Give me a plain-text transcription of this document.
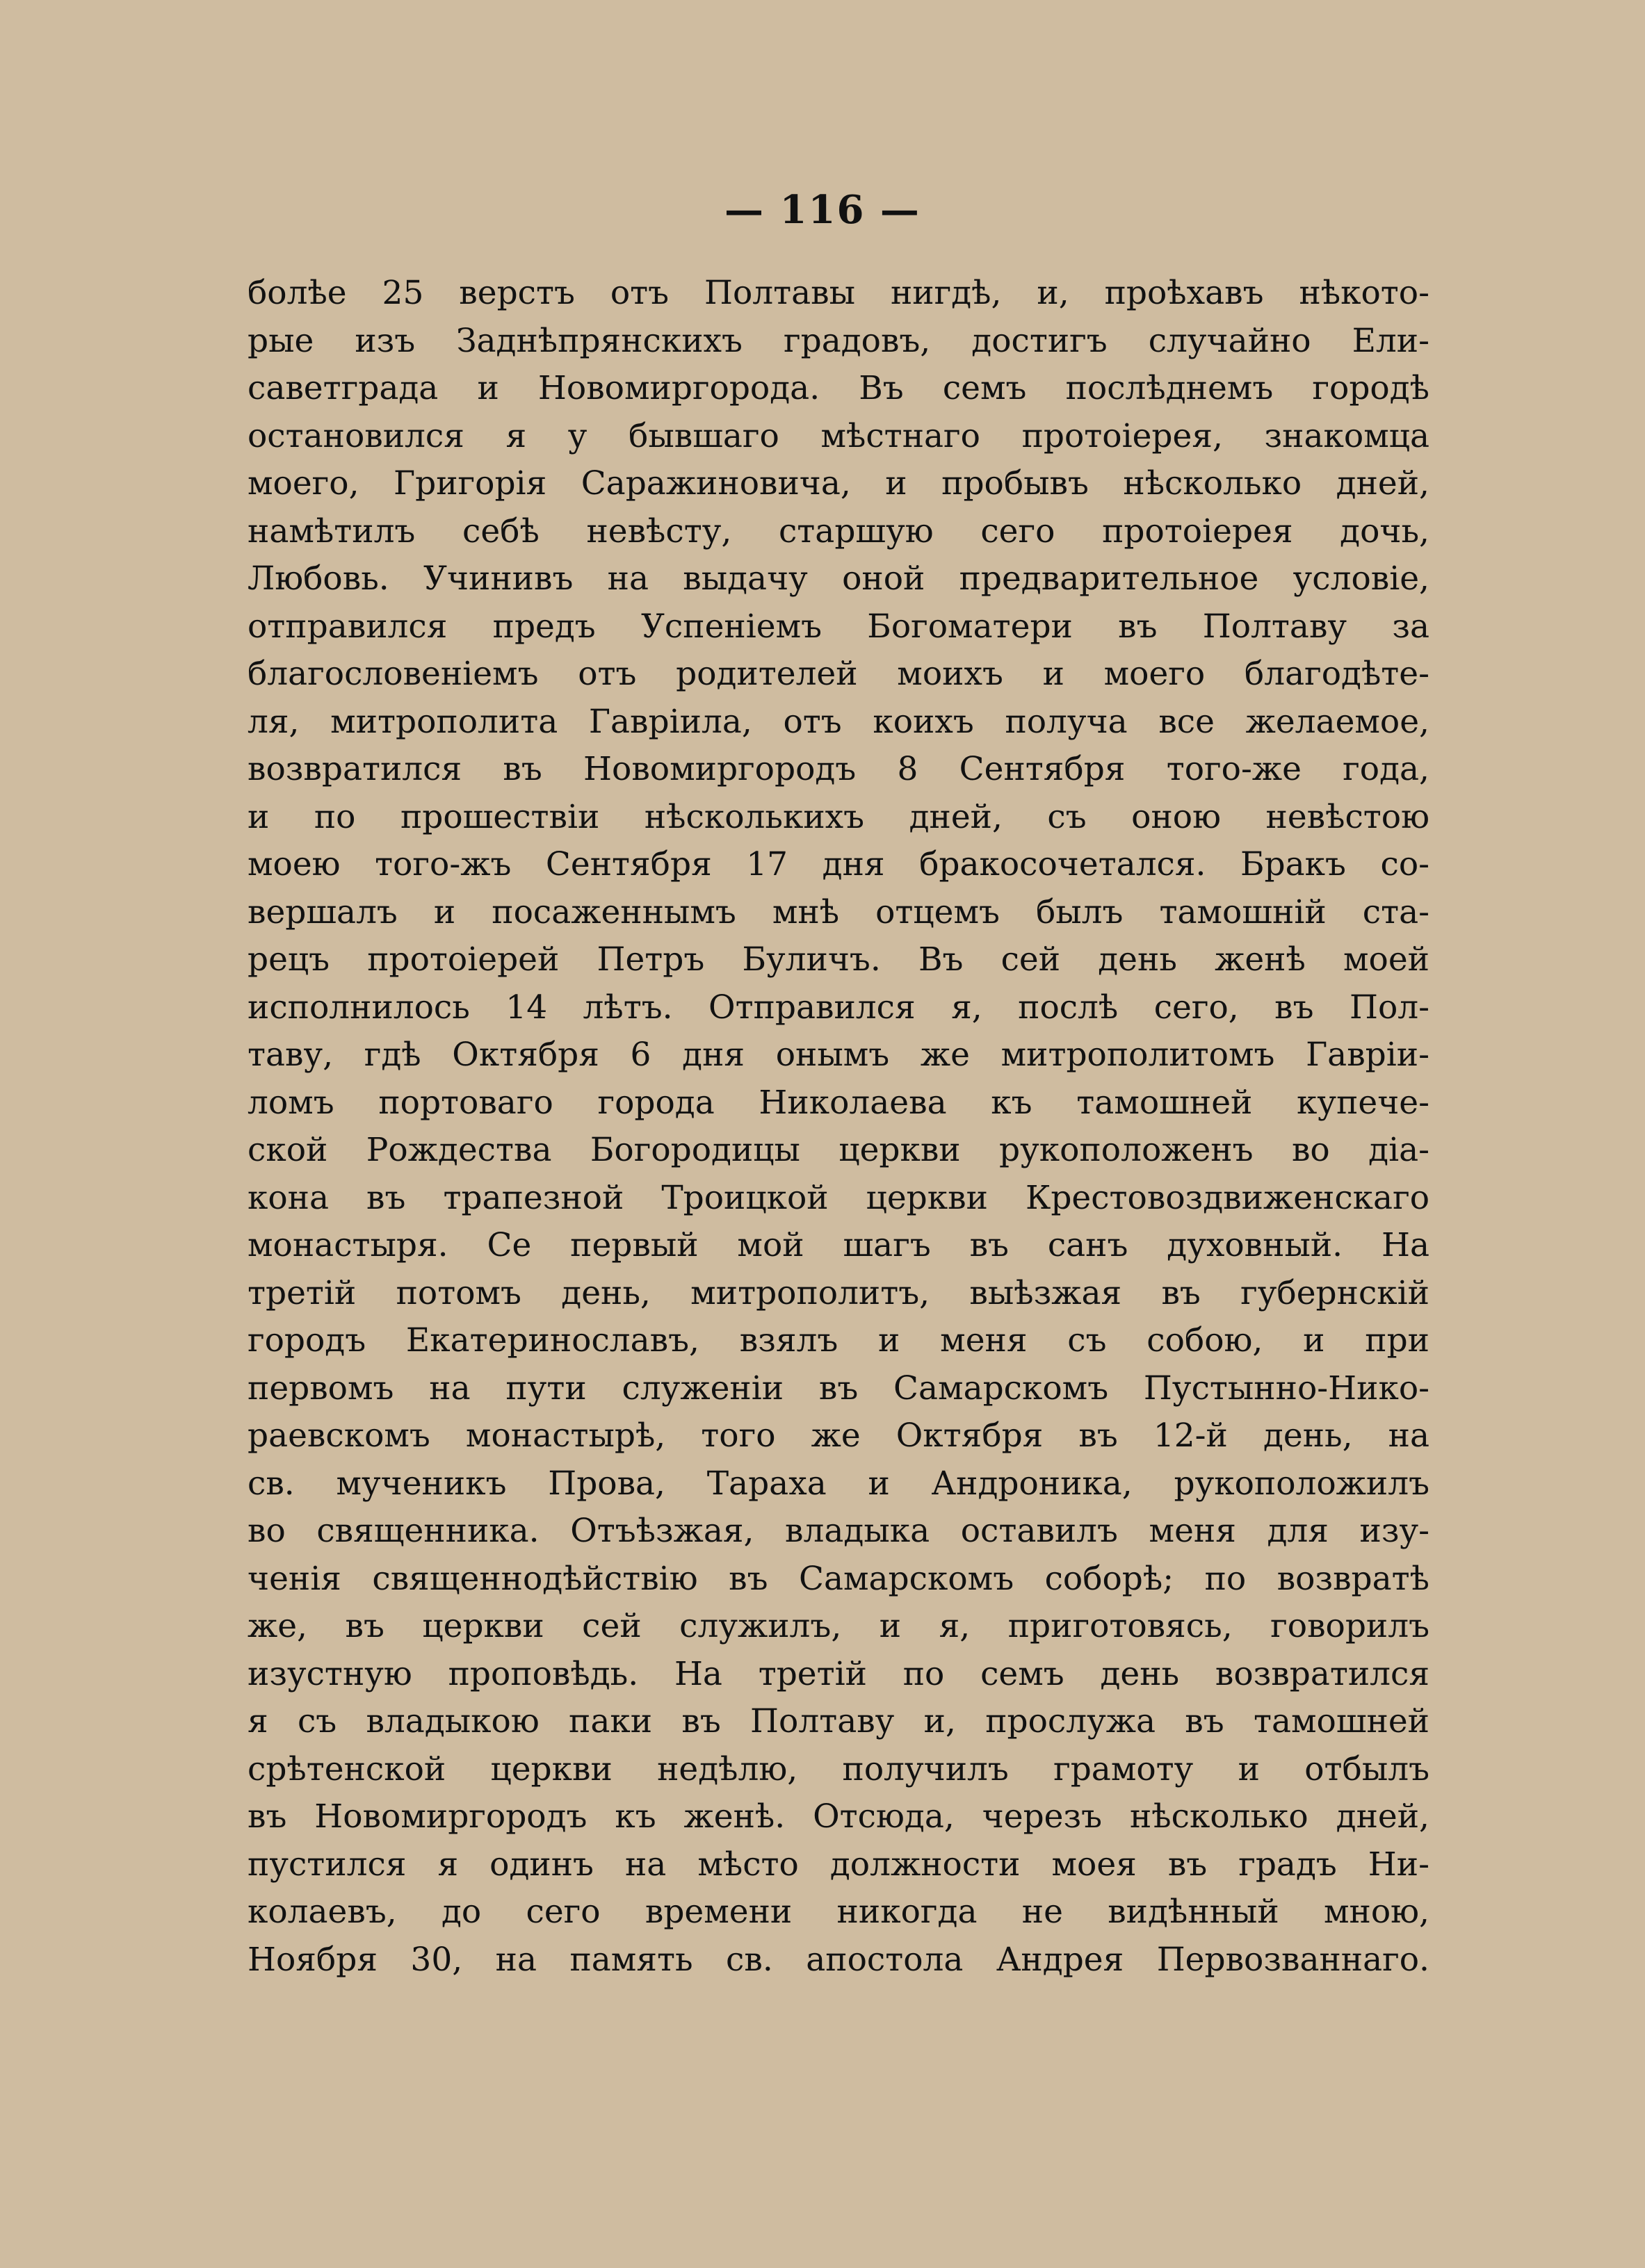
— 116 —
болѣе 25 верстъ отъ Полтавы нигдѣ, и, проѣхавъ нѣкото-
рые изъ Заднѣпрянскихъ градовъ, достигъ случайно Ели-
саветграда и Новомиргорода. Въ семъ послѣднемъ городѣ
остановился я у бывшаго мѣстнаго протоіерея, знакомца
моего, Григорія Саражиновича, и пробывъ нѣсколько дней,
намѣтилъ себѣ невѣсту, старшую сего протоіерея дочь,
Любовь. Учинивъ на выдачу оной предварительное условіе,
отправился предъ Успеніемъ Богоматери въ Полтаву за
благословеніемъ отъ родителей моихъ и моего благодѣте-
ля, митрополита Гавріила, отъ коихъ получа все желаемое,
возвратился въ Новомиргородъ 8 Сентября того-же года,
и по прошествіи нѣсколькихъ дней, съ оною невѣстою
моею того-жъ Сентября 17 дня бракосочетался. Бракъ со-
вершалъ и посаженнымъ мнѣ отцемъ былъ тамошній ста-
рецъ протоіерей Петръ Буличъ. Въ сей день женѣ моей
исполнилось 14 лѣтъ. Отправился я, послѣ сего, въ Пол-
таву, гдѣ Октября 6 дня онымъ же митрополитомъ Гавріи-
ломъ портоваго города Николаева къ тамошней купече-
ской Рождества Богородицы церкви рукоположенъ во діа-
кона въ трапезной Троицкой церкви Крестовоздвиженскаго
монастыря. Се первый мой шагъ въ санъ духовный. На
третій потомъ день, митрополитъ, выѣзжая въ губернскій
городъ Екатеринославъ, взялъ и меня съ собою, и при
первомъ на пути служеніи въ Самарскомъ Пустынно-Нико-
раевскомъ монастырѣ, того же Октября въ 12-й день, на
св. мученикъ Прова, Тараха и Андроника, рукоположилъ
во священника. Отъѣзжая, владыка оставилъ меня для изу-
ченія священнодѣйствію въ Самарскомъ соборѣ; по возвратѣ
же, въ церкви сей служилъ, и я, приготовясь, говорилъ
изустную проповѣдь. На третій по семъ день возвратился
я съ владыкою паки въ Полтаву и, прослужа въ тамошней
срѣтенской церкви недѣлю, получилъ грамоту и отбылъ
въ Новомиргородъ къ женѣ. Отсюда, черезъ нѣсколько дней,
пустился я одинъ на мѣсто должности моея въ градъ Ни-
колаевъ, до сего времени никогда не видѣнный мною,
Ноября 30, на память св. апостола Андрея Первозваннаго.
